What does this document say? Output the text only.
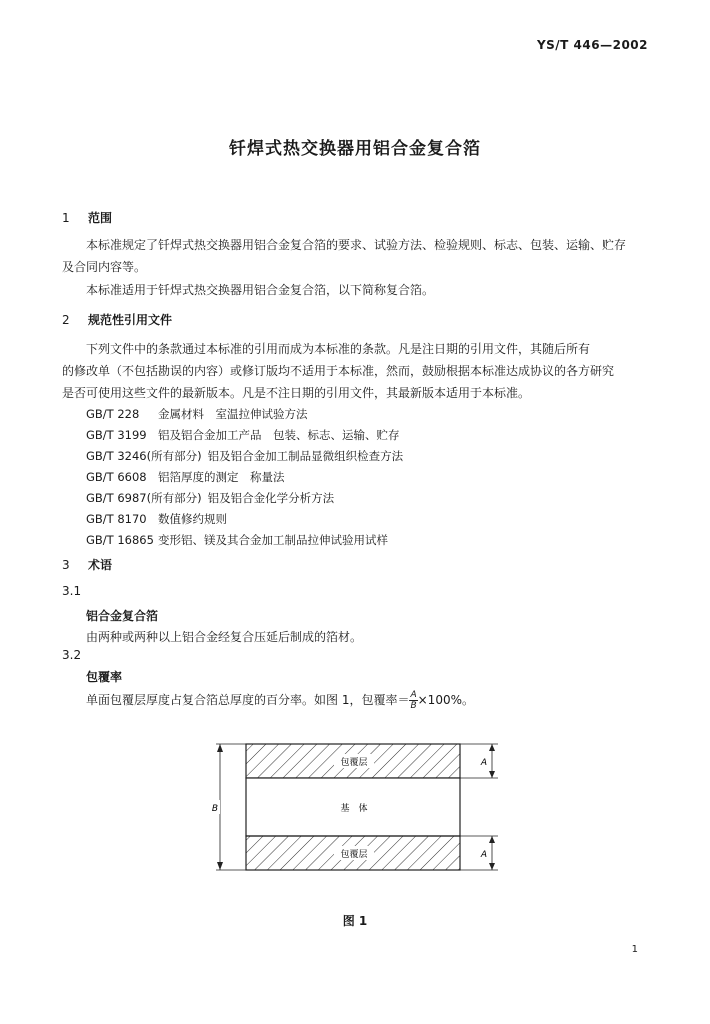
YS/T 446—2002
钎焊式热交换器用铝合金复合箔
1 范围
本标准规定了钎焊式热交换器用铝合金复合箔的要求、试验方法、检验规则、标志、包装、运输、贮存
及合同内容等。
本标准适用于钎焊式热交换器用铝合金复合箔，以下简称复合箔。
2 规范性引用文件
下列文件中的条款通过本标准的引用而成为本标准的条款。凡是注日期的引用文件，其随后所有
的修改单（不包括勘误的内容）或修订版均不适用于本标准，然而，鼓励根据本标准达成协议的各方研究
是否可使用这些文件的最新版本。凡是不注日期的引用文件，其最新版本适用于本标准。
GB/T 228 金属材料　室温拉伸试验方法
GB/T 3199 铝及铝合金加工产品　包装、标志、运输、贮存
GB/T 3246(所有部分) 铝及铝合金加工制品显微组织检查方法
GB/T 6608 铝箔厚度的测定　称量法
GB/T 6987(所有部分) 铝及铝合金化学分析方法
GB/T 8170 数值修约规则
GB/T 16865 变形铝、镁及其合金加工制品拉伸试验用试样
3 术语
3.1
铝合金复合箔
由两种或两种以上铝合金经复合压延后制成的箔材。
3.2
包覆率
单面包覆层厚度占复合箔总厚度的百分率。如图 1，包覆率＝ $\frac{A}{B} \times 100\%$。
包覆层
基　体
包覆层
B
A
A
图 1
1
